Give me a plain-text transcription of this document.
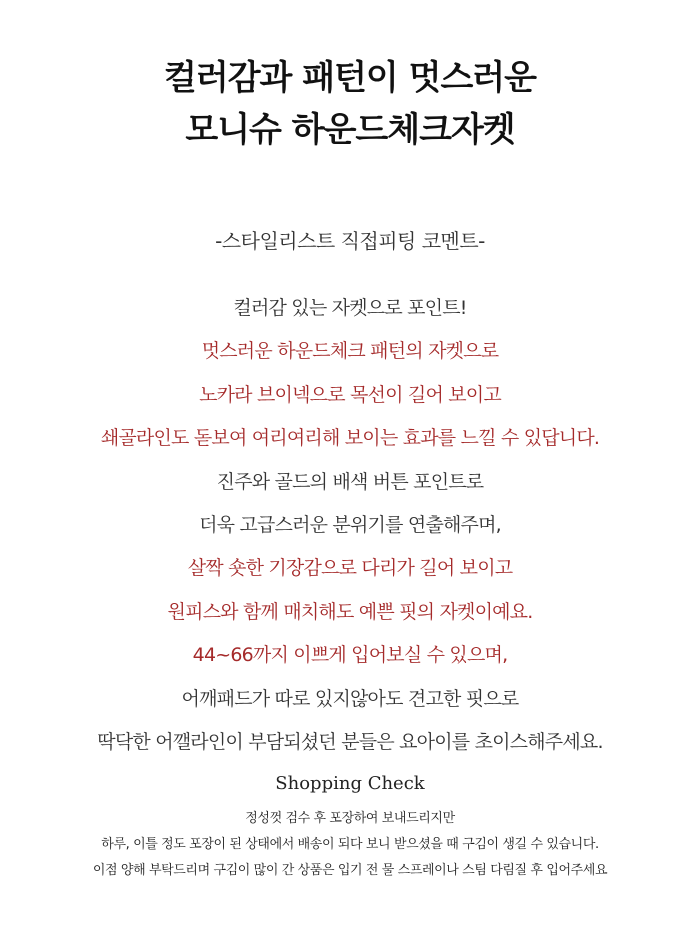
컬러감과 패턴이 멋스러운
모니슈 하운드체크자켓
-스타일리스트 직접피팅 코멘트-
컬러감 있는 자켓으로 포인트!
멋스러운 하운드체크 패턴의 자켓으로
노카라 브이넥으로 목선이 길어 보이고
쇄골라인도 돋보여 여리여리해 보이는 효과를 느낄 수 있답니다.
진주와 골드의 배색 버튼 포인트로
더욱 고급스러운 분위기를 연출해주며,
살짝 숏한 기장감으로 다리가 길어 보이고
원피스와 함께 매치해도 예쁜 핏의 자켓이예요.
44~66까지 이쁘게 입어보실 수 있으며,
어깨패드가 따로 있지않아도 견고한 핏으로
딱닥한 어깰라인이 부담되셨던 분들은 요아이를 초이스해주세요.
Shopping Check
정성껏 검수 후 포장하여 보내드리지만
하루, 이틀 정도 포장이 된 상태에서 배송이 되다 보니 받으셨을 때 구김이 생길 수 있습니다.
이점 양해 부탁드리며 구김이 많이 간 상품은 입기 전 물 스프레이나 스팀 다림질 후 입어주세요
